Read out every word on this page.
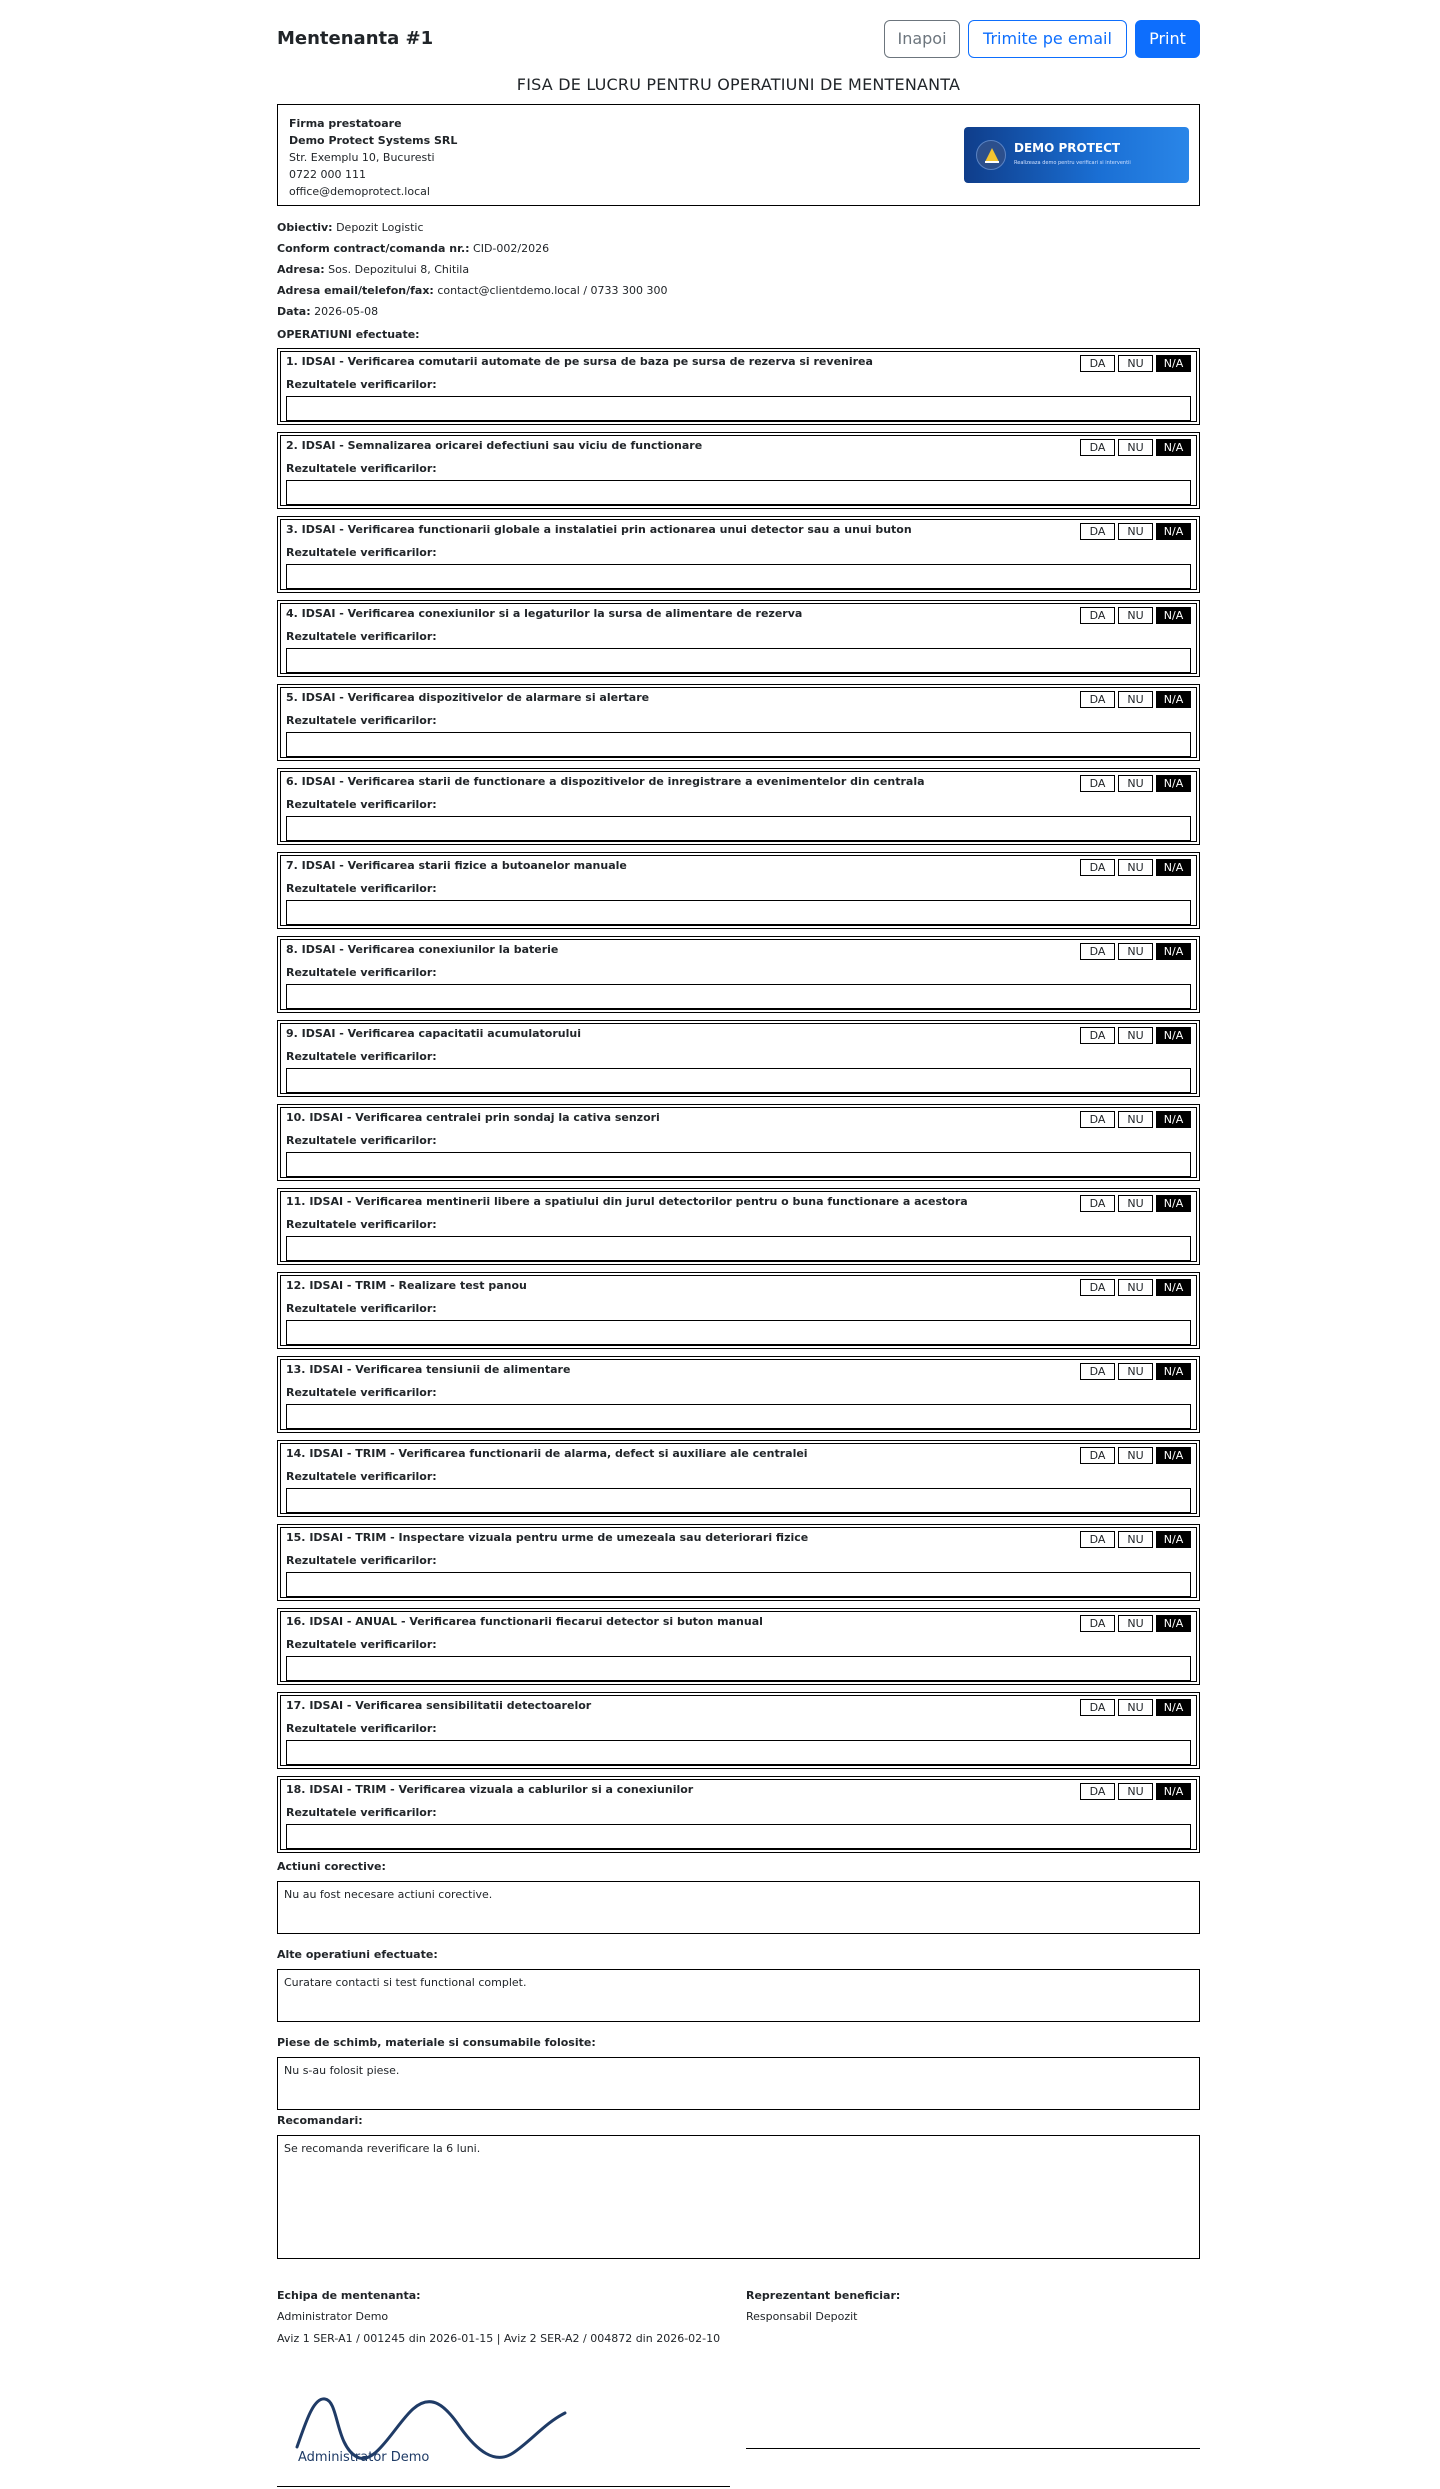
Mentenanta #1	Inapoi	Trimite pe email	Print
FISA DE LUCRU PENTRU OPERATIUNI DE MENTENANTA
Firma prestatoare
Demo Protect Systems SRL
Str. Exemplu 10, Bucuresti
0722 000 111
office@demoprotect.local
DEMO PROTECT
Realizeaza demo pentru verificari si interventii
Obiectiv: Depozit Logistic
Conform contract/comanda nr.: CID-002/2026
Adresa: Sos. Depozitului 8, Chitila
Adresa email/telefon/fax: contact@clientdemo.local / 0733 300 300
Data: 2026-05-08
OPERATIUNI efectuate:
1. IDSAI - Verificarea comutarii automate de pe sursa de baza pe sursa de rezerva si revenirea	DA	NU	N/A
Rezultatele verificarilor:
2. IDSAI - Semnalizarea oricarei defectiuni sau viciu de functionare	DA	NU	N/A
Rezultatele verificarilor:
3. IDSAI - Verificarea functionarii globale a instalatiei prin actionarea unui detector sau a unui buton	DA	NU	N/A
Rezultatele verificarilor:
4. IDSAI - Verificarea conexiunilor si a legaturilor la sursa de alimentare de rezerva	DA	NU	N/A
Rezultatele verificarilor:
5. IDSAI - Verificarea dispozitivelor de alarmare si alertare	DA	NU	N/A
Rezultatele verificarilor:
6. IDSAI - Verificarea starii de functionare a dispozitivelor de inregistrare a evenimentelor din centrala	DA	NU	N/A
Rezultatele verificarilor:
7. IDSAI - Verificarea starii fizice a butoanelor manuale	DA	NU	N/A
Rezultatele verificarilor:
8. IDSAI - Verificarea conexiunilor la baterie	DA	NU	N/A
Rezultatele verificarilor:
9. IDSAI - Verificarea capacitatii acumulatorului	DA	NU	N/A
Rezultatele verificarilor:
10. IDSAI - Verificarea centralei prin sondaj la cativa senzori	DA	NU	N/A
Rezultatele verificarilor:
11. IDSAI - Verificarea mentinerii libere a spatiului din jurul detectorilor pentru o buna functionare a acestora	DA	NU	N/A
Rezultatele verificarilor:
12. IDSAI - TRIM - Realizare test panou	DA	NU	N/A
Rezultatele verificarilor:
13. IDSAI - Verificarea tensiunii de alimentare	DA	NU	N/A
Rezultatele verificarilor:
14. IDSAI - TRIM - Verificarea functionarii de alarma, defect si auxiliare ale centralei	DA	NU	N/A
Rezultatele verificarilor:
15. IDSAI - TRIM - Inspectare vizuala pentru urme de umezeala sau deteriorari fizice	DA	NU	N/A
Rezultatele verificarilor:
16. IDSAI - ANUAL - Verificarea functionarii fiecarui detector si buton manual	DA	NU	N/A
Rezultatele verificarilor:
17. IDSAI - Verificarea sensibilitatii detectoarelor	DA	NU	N/A
Rezultatele verificarilor:
18. IDSAI - TRIM - Verificarea vizuala a cablurilor si a conexiunilor	DA	NU	N/A
Rezultatele verificarilor:
Actiuni corective:
Nu au fost necesare actiuni corective.
Alte operatiuni efectuate:
Curatare contacti si test functional complet.
Piese de schimb, materiale si consumabile folosite:
Nu s-au folosit piese.
Recomandari:
Se recomanda reverificare la 6 luni.
Echipa de mentenanta:
Administrator Demo
Aviz 1 SER-A1 / 001245 din 2026-01-15 | Aviz 2 SER-A2 / 004872 din 2026-02-10
Administrator Demo
Reprezentant beneficiar:
Responsabil Depozit
